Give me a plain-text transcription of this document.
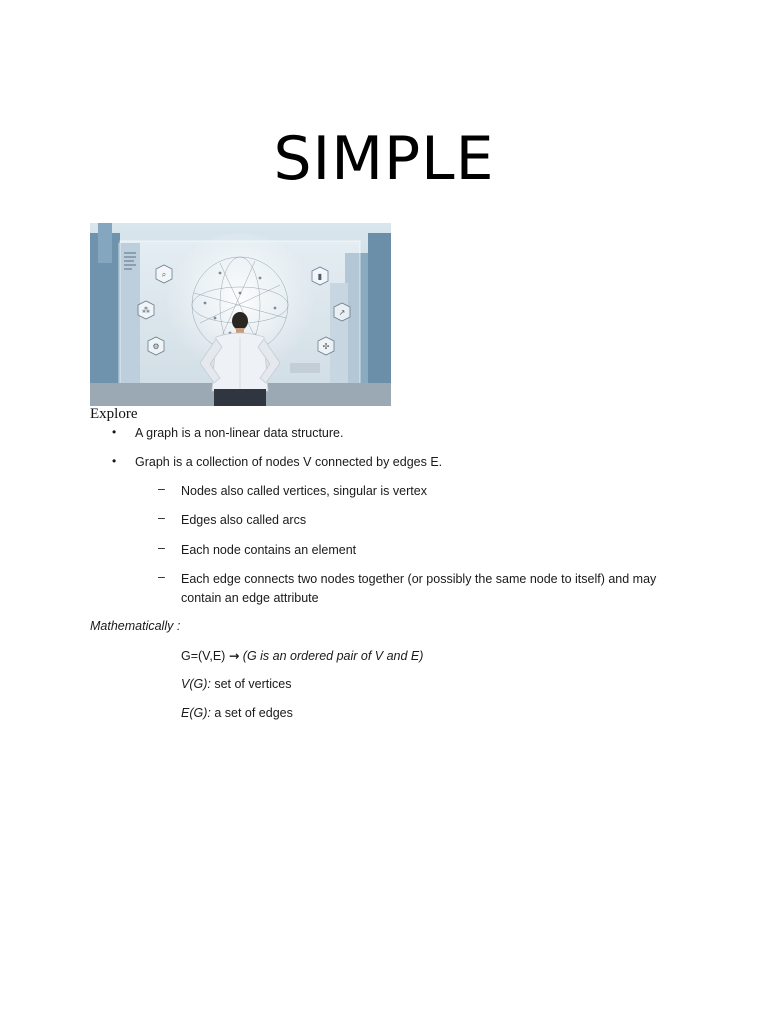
SIMPLE
⌕
⁂
⚙
▮
↗
✣
Explore
• A graph is a non-linear data structure.
• Graph is a collection of nodes V connected by edges E.
– Nodes also called vertices, singular is vertex
– Edges also called arcs
– Each node contains an element
– Each edge connects two nodes together (or possibly the same node to itself) and may contain an edge attribute
Mathematically :
G=(V,E) → (G is an ordered pair of V and E)
V(G): set of vertices
E(G): a set of edges
